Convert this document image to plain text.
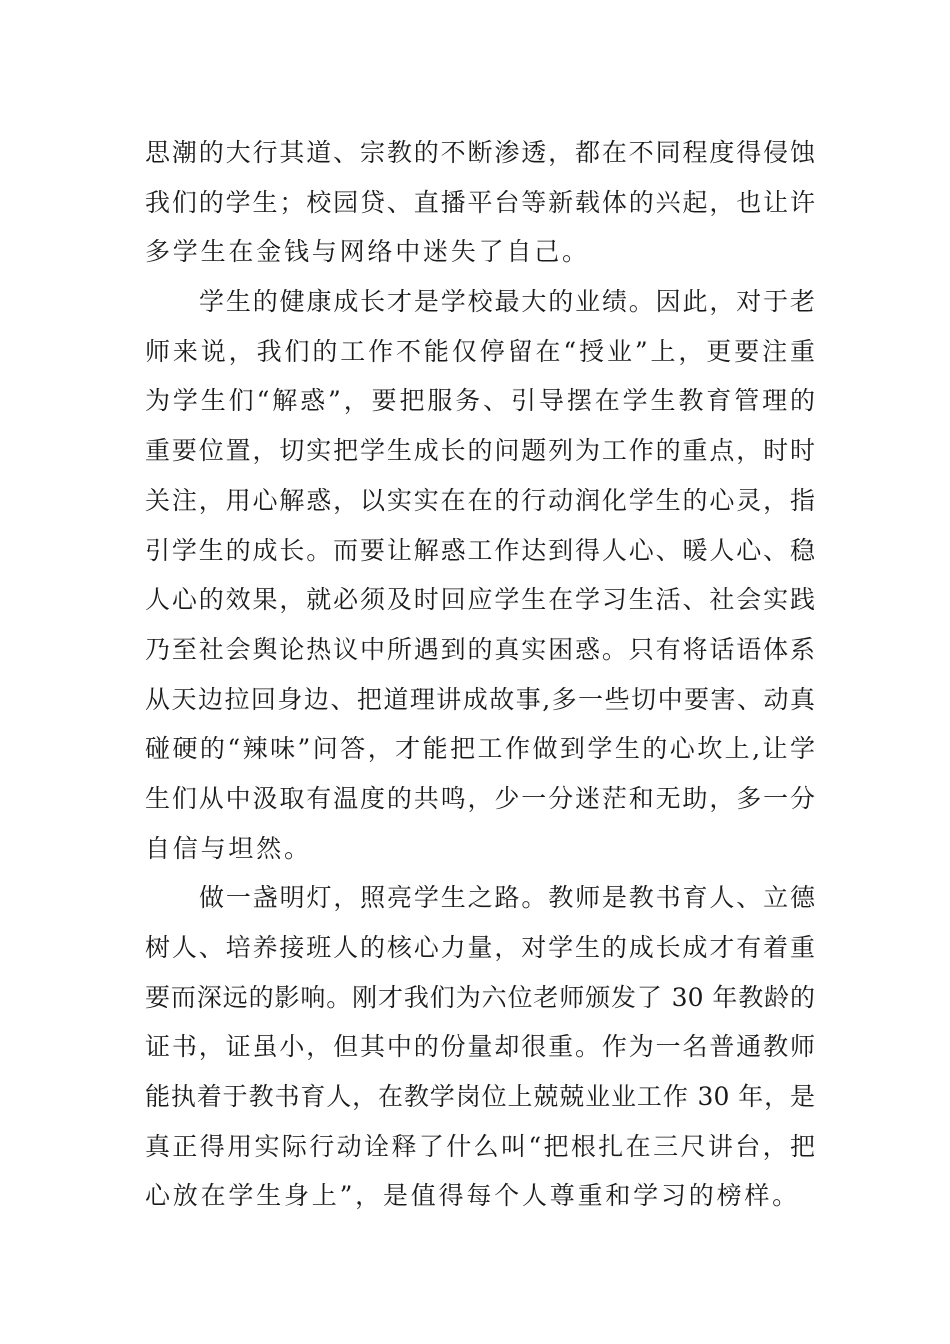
思潮的大行其道、宗教的不断渗透，都在不同程度得侵蚀
我们的学生；校园贷、直播平台等新载体的兴起，也让许
多学生在金钱与网络中迷失了自己。
学生的健康成长才是学校最大的业绩。因此，对于老
师来说，我们的工作不能仅停留在“授业”上，更要注重
为学生们“解惑”，要把服务、引导摆在学生教育管理的
重要位置，切实把学生成长的问题列为工作的重点，时时
关注，用心解惑，以实实在在的行动润化学生的心灵，指
引学生的成长。而要让解惑工作达到得人心、暖人心、稳
人心的效果，就必须及时回应学生在学习生活、社会实践
乃至社会舆论热议中所遇到的真实困惑。只有将话语体系
从天边拉回身边、把道理讲成故事,多一些切中要害、动真
碰硬的“辣味”问答，才能把工作做到学生的心坎上,让学
生们从中汲取有温度的共鸣，少一分迷茫和无助，多一分
自信与坦然。
做一盏明灯，照亮学生之路。教师是教书育人、立德
树人、培养接班人的核心力量，对学生的成长成才有着重
要而深远的影响。刚才我们为六位老师颁发了 30 年教龄的
证书，证虽小，但其中的份量却很重。作为一名普通教师
能执着于教书育人，在教学岗位上兢兢业业工作 30 年，是
真正得用实际行动诠释了什么叫“把根扎在三尺讲台，把
心放在学生身上”，是值得每个人尊重和学习的榜样。
